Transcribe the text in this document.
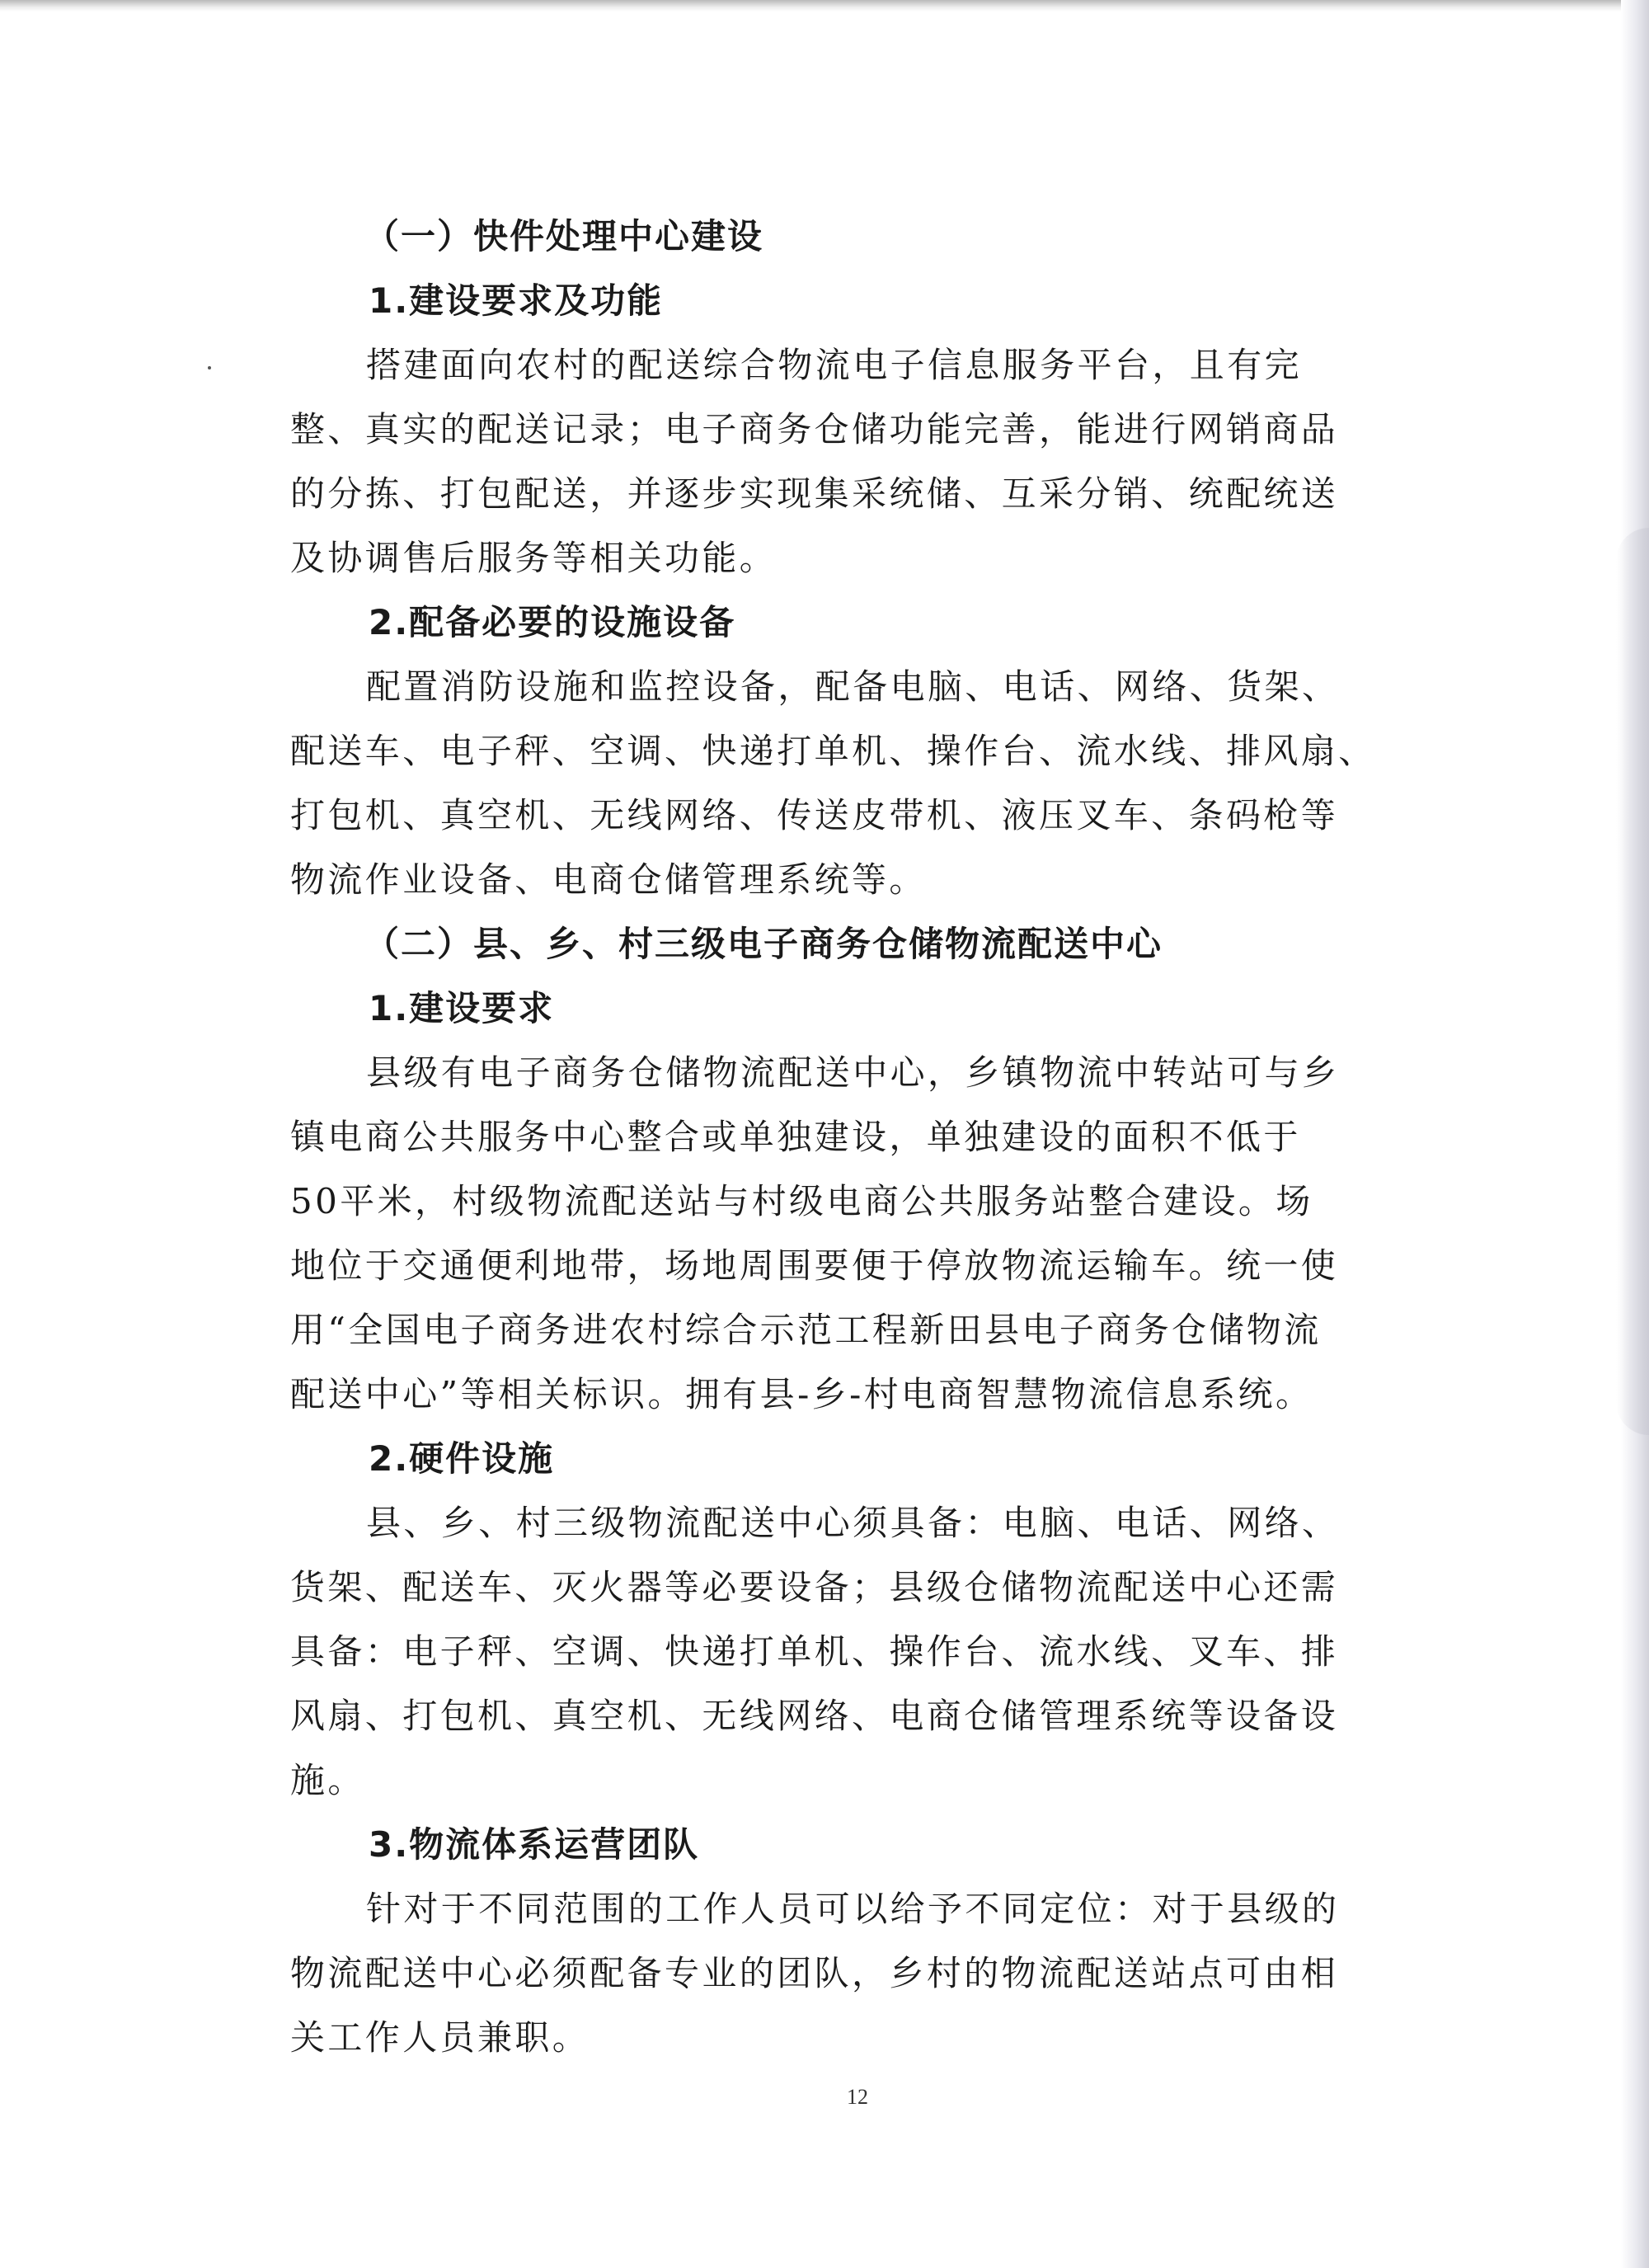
（一）快件处理中心建设
1.建设要求及功能
搭建面向农村的配送综合物流电子信息服务平台，且有完
整、真实的配送记录；电子商务仓储功能完善，能进行网销商品
的分拣、打包配送，并逐步实现集采统储、互采分销、统配统送
及协调售后服务等相关功能。
2.配备必要的设施设备
配置消防设施和监控设备，配备电脑、电话、网络、货架、
配送车、电子秤、空调、快递打单机、操作台、流水线、排风扇、
打包机、真空机、无线网络、传送皮带机、液压叉车、条码枪等
物流作业设备、电商仓储管理系统等。
（二）县、乡、村三级电子商务仓储物流配送中心
1.建设要求
县级有电子商务仓储物流配送中心，乡镇物流中转站可与乡
镇电商公共服务中心整合或单独建设，单独建设的面积不低于
50平米，村级物流配送站与村级电商公共服务站整合建设。场
地位于交通便利地带，场地周围要便于停放物流运输车。统一使
用“全国电子商务进农村综合示范工程新田县电子商务仓储物流
配送中心”等相关标识。拥有县-乡-村电商智慧物流信息系统。
2.硬件设施
县、乡、村三级物流配送中心须具备：电脑、电话、网络、
货架、配送车、灭火器等必要设备；县级仓储物流配送中心还需
具备：电子秤、空调、快递打单机、操作台、流水线、叉车、排
风扇、打包机、真空机、无线网络、电商仓储管理系统等设备设
施。
3.物流体系运营团队
针对于不同范围的工作人员可以给予不同定位：对于县级的
物流配送中心必须配备专业的团队，乡村的物流配送站点可由相
关工作人员兼职。
12
